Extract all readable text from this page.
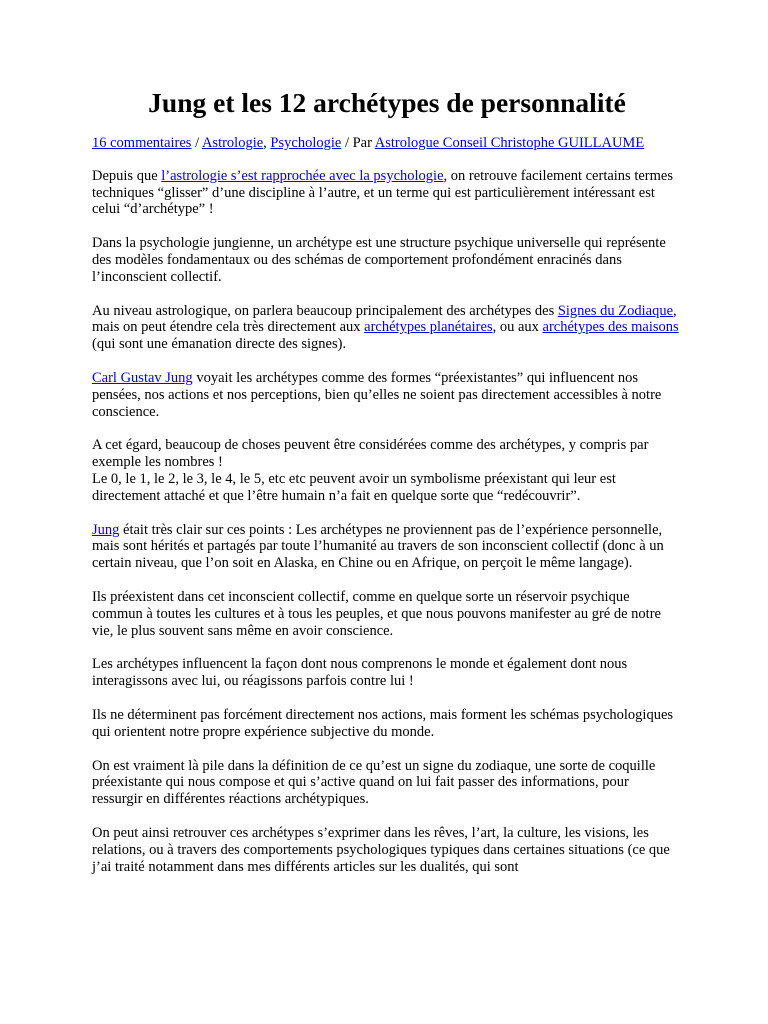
Jung et les 12 archétypes de personnalité

16 commentaires / Astrologie, Psychologie / Par Astrologue Conseil Christophe GUILLAUME

Depuis que l’astrologie s’est rapprochée avec la psychologie, on retrouve facilement certains termes techniques “glisser” d’une discipline à l’autre, et un terme qui est particulièrement intéressant est celui “d’archétype” !

Dans la psychologie jungienne, un archétype est une structure psychique universelle qui représente des modèles fondamentaux ou des schémas de comportement profondément enracinés dans l’inconscient collectif.

Au niveau astrologique, on parlera beaucoup principalement des archétypes des Signes du Zodiaque, mais on peut étendre cela très directement aux archétypes planétaires, ou aux archétypes des maisons (qui sont une émanation directe des signes).

Carl Gustav Jung voyait les archétypes comme des formes “préexistantes” qui influencent nos pensées, nos actions et nos perceptions, bien qu’elles ne soient pas directement accessibles à notre conscience.

A cet égard, beaucoup de choses peuvent être considérées comme des archétypes, y compris par exemple les nombres !
Le 0, le 1, le 2, le 3, le 4, le 5, etc etc peuvent avoir un symbolisme préexistant qui leur est directement attaché et que l’être humain n’a fait en quelque sorte que “redécouvrir”.

Jung était très clair sur ces points : Les archétypes ne proviennent pas de l’expérience personnelle, mais sont hérités et partagés par toute l’humanité au travers de son inconscient collectif (donc à un certain niveau, que l’on soit en Alaska, en Chine ou en Afrique, on perçoit le même langage).

Ils préexistent dans cet inconscient collectif, comme en quelque sorte un réservoir psychique commun à toutes les cultures et à tous les peuples, et que nous pouvons manifester au gré de notre vie, le plus souvent sans même en avoir conscience.

Les archétypes influencent la façon dont nous comprenons le monde et également dont nous interagissons avec lui, ou réagissons parfois contre lui !

Ils ne déterminent pas forcément directement nos actions, mais forment les schémas psychologiques qui orientent notre propre expérience subjective du monde.

On est vraiment là pile dans la définition de ce qu’est un signe du zodiaque, une sorte de coquille préexistante qui nous compose et qui s’active quand on lui fait passer des informations, pour ressurgir en différentes réactions archétypiques.

On peut ainsi retrouver ces archétypes s’exprimer dans les rêves, l’art, la culture, les visions, les relations, ou à travers des comportements psychologiques typiques dans certaines situations (ce que j’ai traité notamment dans mes différents articles sur les dualités, qui sont
